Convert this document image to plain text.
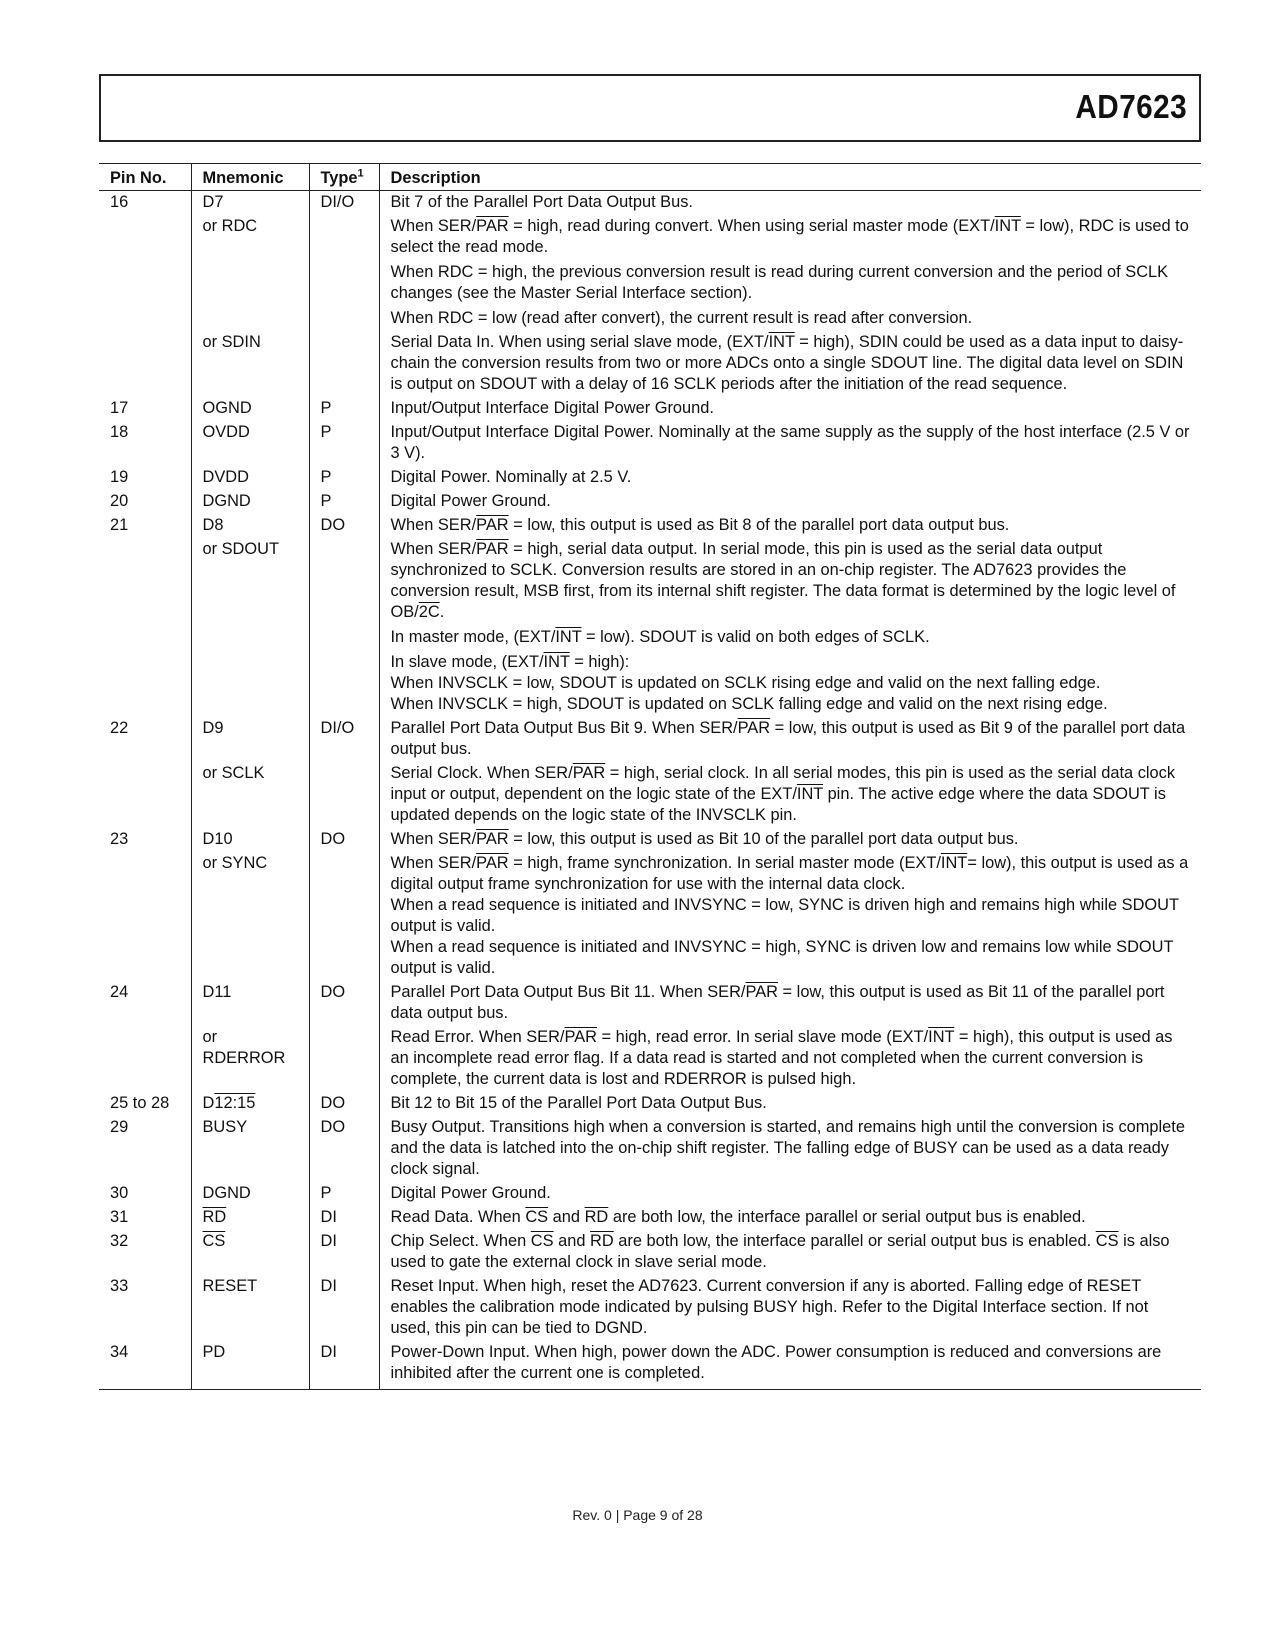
AD7623
Pin No.	Mnemonic	Type$^1$	Description
16	D7	DI/O	Bit 7 of the Parallel Port Data Output Bus.

	or RDC		When SER/$\overline{PAR}$ = high, read during convert. When using serial master mode $(EXT/\overline{INT} = low)$, RDC is used to select the read mode.
When RDC = high, the previous conversion result is read during current conversion and the period of SCLK changes (see the Master Serial Interface section).
When RDC = low (read after convert), the current result is read after conversion.

	or SDIN		Serial Data In. When using serial slave mode, ($EXT/\overline{INT}$ = high), SDIN could be used as a data input to daisy-chain the conversion results from two or more ADCs onto a single SDOUT line. The digital data level on SDIN is output on SDOUT with a delay of 16 SCLK periods after the initiation of the read sequence.

17	OGND	P	Input/Output Interface Digital Power Ground.

18	OVDD	P	Input/Output Interface Digital Power. Nominally at the same supply as the supply of the host interface (2.5 V or 3 V).

19	DVDD	P	Digital Power. Nominally at 2.5 V.

20	DGND	P	Digital Power Ground.

21	D8	DO	When SER/$\overline{PAR}$ = low, this output is used as Bit 8 of the parallel port data output bus.

	or SDOUT		When SER/$\overline{PAR}$ = high, serial data output. In serial mode, this pin is used as the serial data output synchronized to SCLK. Conversion results are stored in an on-chip register. The AD7623 provides the conversion result, MSB first, from its internal shift register. The data format is determined by the logic level of OB/2C.
In master mode, $(EXT/\overline{INT} = low)$. SDOUT is valid on both edges of SCLK.
In slave mode, ($EXT/\overline{INT}$ = high):
When INVSCLK = low, SDOUT is updated on SCLK rising edge and valid on the next falling edge.
When INVSCLK = high, SDOUT is updated on SCLK falling edge and valid on the next rising edge.

22	D9	DI/O	Parallel Port Data Output Bus Bit 9. When SER/$\overline{PAR}$ = low, this output is used as Bit 9 of the parallel port data output bus.

	or SCLK		Serial Clock. When SER/$\overline{PAR}$ = high, serial clock. In all serial modes, this pin is used as the serial data clock input or output, dependent on the logic state of the EXT/$\overline{INT}$ pin. The active edge where the data SDOUT is updated depends on the logic state of the INVSCLK pin.

23	D10	DO	When SER/$\overline{PAR}$ = low, this output is used as Bit 10 of the parallel port data output bus.

	or SYNC		When SER/$\overline{PAR}$ = high, frame synchronization. In serial master mode $(EXT/\overline{INT}= low)$, this output is used as a digital output frame synchronization for use with the internal data clock.
When a read sequence is initiated and INVSYNC = low, SYNC is driven high and remains high while SDOUT output is valid.
When a read sequence is initiated and INVSYNC = high, SYNC is driven low and remains low while SDOUT output is valid.

24	D11	DO	Parallel Port Data Output Bus Bit 11. When SER/$\overline{PAR}$ = low, this output is used as Bit 11 of the parallel port data output bus.

	or RDERROR		Read Error. When SER/$\overline{PAR}$ = high, read error. In serial slave mode ($EXT/\overline{INT}$ = high), this output is used as an incomplete read error flag. If a data read is started and not completed when the current conversion is complete, the current data is lost and RDERROR is pulsed high.

25 to 28	D12:15	DO	Bit 12 to Bit 15 of the Parallel Port Data Output Bus.

29	BUSY	DO	Busy Output. Transitions high when a conversion is started, and remains high until the conversion is complete and the data is latched into the on-chip shift register. The falling edge of BUSY can be used as a data ready clock signal.

30	DGND	P	Digital Power Ground.

31	$\overline{RD}$	DI	Read Data. When $\overline{CS}$ and $\overline{RD}$ are both low, the interface parallel or serial output bus is enabled.

32	$\overline{CS}$	DI	Chip Select. When $\overline{CS}$ and $\overline{RD}$ are both low, the interface parallel or serial output bus is enabled. $\overline{CS}$ is also used to gate the external clock in slave serial mode.

33	RESET	DI	Reset Input. When high, reset the AD7623. Current conversion if any is aborted. Falling edge of RESET enables the calibration mode indicated by pulsing BUSY high. Refer to the Digital Interface section. If not used, this pin can be tied to DGND.

34	PD	DI	Power-Down Input. When high, power down the ADC. Power consumption is reduced and conversions are inhibited after the current one is completed.
Rev. 0 | Page 9 of 28
